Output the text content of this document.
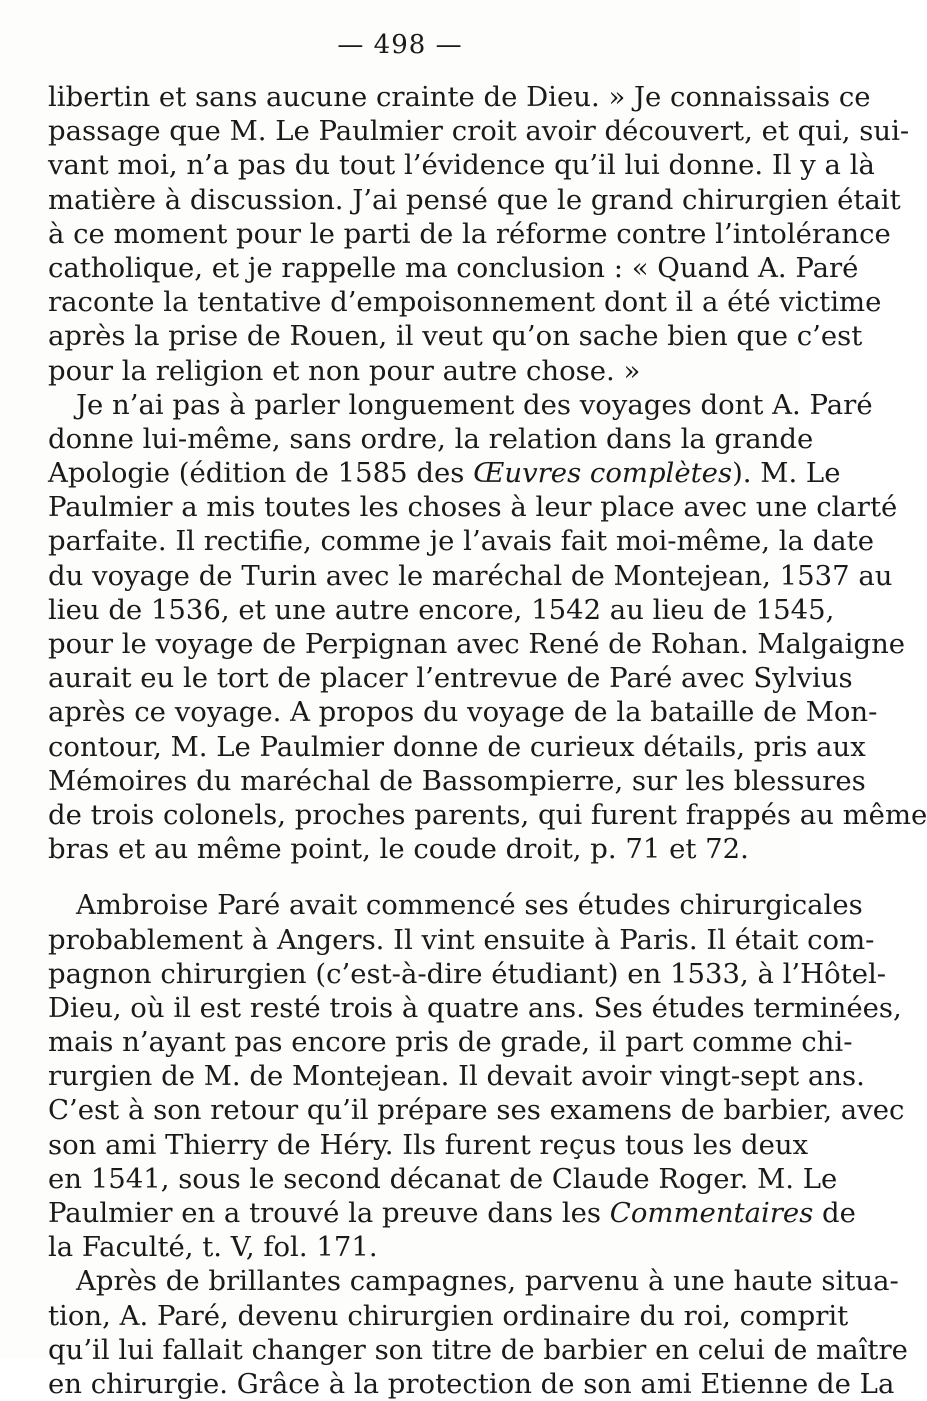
— 498 —
libertin et sans aucune crainte de Dieu. » Je connaissais ce
passage que M. Le Paulmier croit avoir découvert, et qui, sui-
vant moi, n’a pas du tout l’évidence qu’il lui donne. Il y a là
matière à discussion. J’ai pensé que le grand chirurgien était
à ce moment pour le parti de la réforme contre l’intolérance
catholique, et je rappelle ma conclusion : « Quand A. Paré
raconte la tentative d’empoisonnement dont il a été victime
après la prise de Rouen, il veut qu’on sache bien que c’est
pour la religion et non pour autre chose. »
Je n’ai pas à parler longuement des voyages dont A. Paré
donne lui-même, sans ordre, la relation dans la grande
Apologie (édition de 1585 des Œuvres complètes). M. Le
Paulmier a mis toutes les choses à leur place avec une clarté
parfaite. Il rectifie, comme je l’avais fait moi-même, la date
du voyage de Turin avec le maréchal de Montejean, 1537 au
lieu de 1536, et une autre encore, 1542 au lieu de 1545,
pour le voyage de Perpignan avec René de Rohan. Malgaigne
aurait eu le tort de placer l’entrevue de Paré avec Sylvius
après ce voyage. A propos du voyage de la bataille de Mon-
contour, M. Le Paulmier donne de curieux détails, pris aux
Mémoires du maréchal de Bassompierre, sur les blessures
de trois colonels, proches parents, qui furent frappés au même
bras et au même point, le coude droit, p. 71 et 72.
Ambroise Paré avait commencé ses études chirurgicales
probablement à Angers. Il vint ensuite à Paris. Il était com-
pagnon chirurgien (c’est-à-dire étudiant) en 1533, à l’Hôtel-
Dieu, où il est resté trois à quatre ans. Ses études terminées,
mais n’ayant pas encore pris de grade, il part comme chi-
rurgien de M. de Montejean. Il devait avoir vingt-sept ans.
C’est à son retour qu’il prépare ses examens de barbier, avec
son ami Thierry de Héry. Ils furent reçus tous les deux
en 1541, sous le second décanat de Claude Roger. M. Le
Paulmier en a trouvé la preuve dans les Commentaires de
la Faculté, t. V, fol. 171.
Après de brillantes campagnes, parvenu à une haute situa-
tion, A. Paré, devenu chirurgien ordinaire du roi, comprit
qu’il lui fallait changer son titre de barbier en celui de maître
en chirurgie. Grâce à la protection de son ami Etienne de La
